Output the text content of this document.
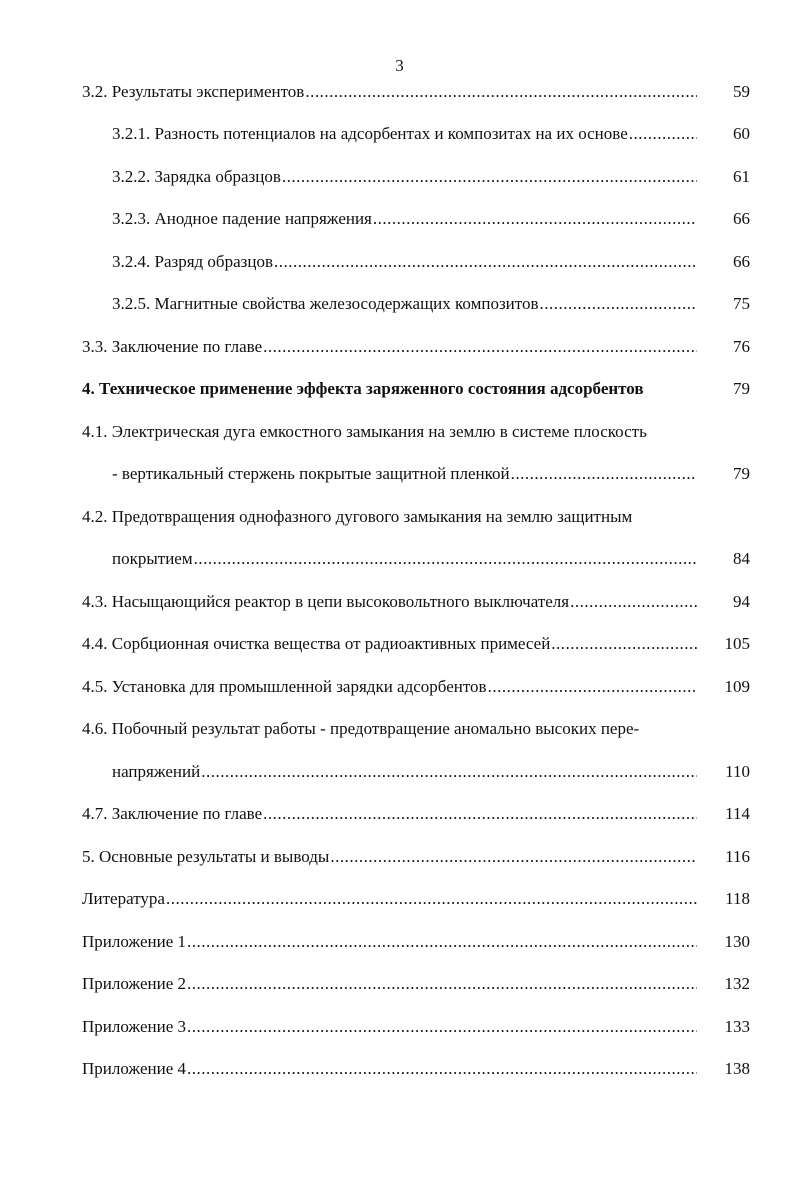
3
3.2. Результаты экспериментов .....	59
3.2.1. Разность потенциалов на адсорбентах и композитах на их основе .....	60
3.2.2. Зарядка образцов .....	61
3.2.3. Анодное падение напряжения .....	66
3.2.4. Разряд образцов .....	66
3.2.5. Магнитные свойства железосодержащих композитов .....	75
3.3. Заключение по главе .....	76
4. Техническое применение эффекта заряженного состояния адсорбентов	79
4.1. Электрическая дуга емкостного замыкания на землю в системе плоскость
- вертикальный стержень покрытые защитной пленкой .....	79
4.2. Предотвращения однофазного дугового замыкания на землю защитным
покрытием .....	84
4.3. Насыщающийся реактор в цепи высоковольтного выключателя .....	94
4.4. Сорбционная очистка вещества от радиоактивных примесей .....	105
4.5. Установка для промышленной зарядки адсорбентов .....	109
4.6. Побочный результат работы - предотвращение аномально высоких пере-
напряжений .....	110
4.7. Заключение по главе .....	114
5. Основные результаты и выводы .....	116
Литература .....	118
Приложение 1 .....	130
Приложение 2 .....	132
Приложение 3 .....	133
Приложение 4 .....	138
